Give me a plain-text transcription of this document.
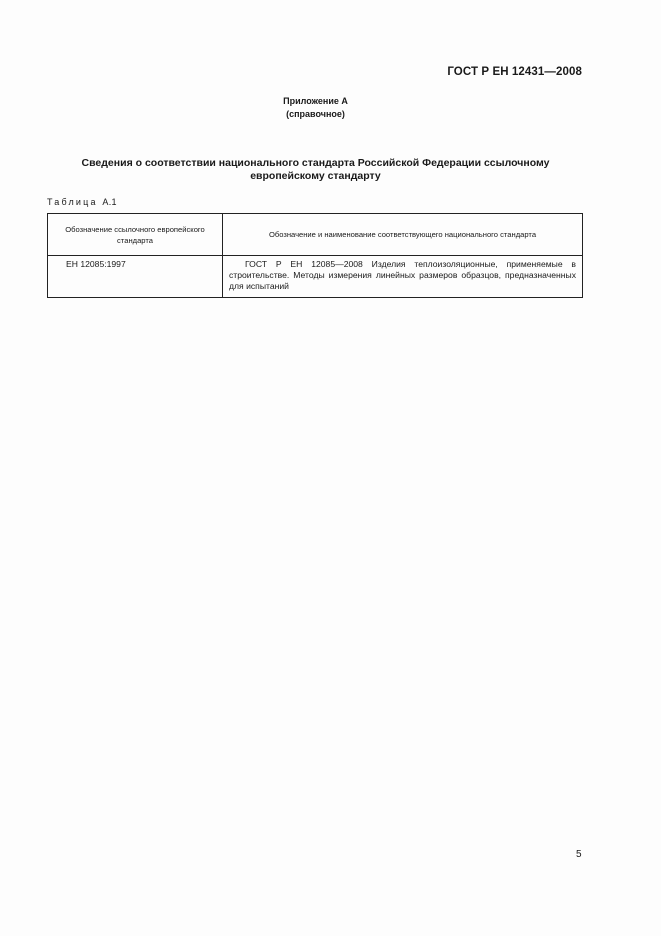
ГОСТ Р ЕН 12431—2008
Приложение А
(справочное)
Сведения о соответствии национального стандарта Российской Федерации ссылочному
европейскому стандарту
Таблица А.1
Обозначение ссылочного европейского стандарта	Обозначение и наименование соответствующего национального стандарта
ЕН 12085:1997	ГОСТ Р ЕН 12085—2008 Изделия теплоизоляционные, применяемые в строительстве. Методы измерения линейных размеров образцов, предназначенных для испытаний
5
